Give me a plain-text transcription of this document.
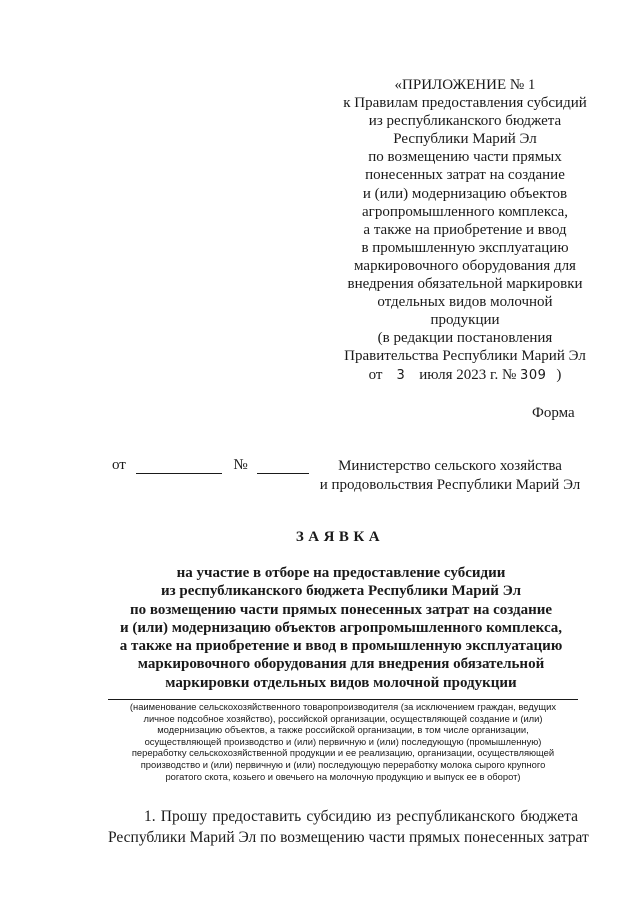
«ПРИЛОЖЕНИЕ № 1
к Правилам предоставления субсидий
из республиканского бюджета
Республики Марий Эл
по возмещению части прямых
понесенных затрат на создание
и (или) модернизацию объектов
агропромышленного комплекса,
а также на приобретение и ввод
в промышленную эксплуатацию
маркировочного оборудования для
внедрения обязательной маркировки
отдельных видов молочной
продукции
(в редакции постановления
Правительства Республики Марий Эл
от 3 июля 2023 г. № 309 )
Форма
от	№	Министерство сельского хозяйства
и продовольствия Республики Марий Эл
ЗАЯВКА
на участие в отборе на предоставление субсидии
из республиканского бюджета Республики Марий Эл
по возмещению части прямых понесенных затрат на создание
и (или) модернизацию объектов агропромышленного комплекса,
а также на приобретение и ввод в промышленную эксплуатацию
маркировочного оборудования для внедрения обязательной
маркировки отдельных видов молочной продукции
(наименование сельскохозяйственного товаропроизводителя (за исключением граждан, ведущих
личное подсобное хозяйство), российской организации, осуществляющей создание и (или)
модернизацию объектов, а также российской организации, в том числе организации,
осуществляющей производство и (или) первичную и (или) последующую (промышленную)
переработку сельскохозяйственной продукции и ее реализацию, организации, осуществляющей
производство и (или) первичную и (или) последующую переработку молока сырого крупного
рогатого скота, козьего и овечьего на молочную продукцию и выпуск ее в оборот)
1. Прошу предоставить субсидию из республиканского бюджета
Республики Марий Эл по возмещению части прямых понесенных затрат
